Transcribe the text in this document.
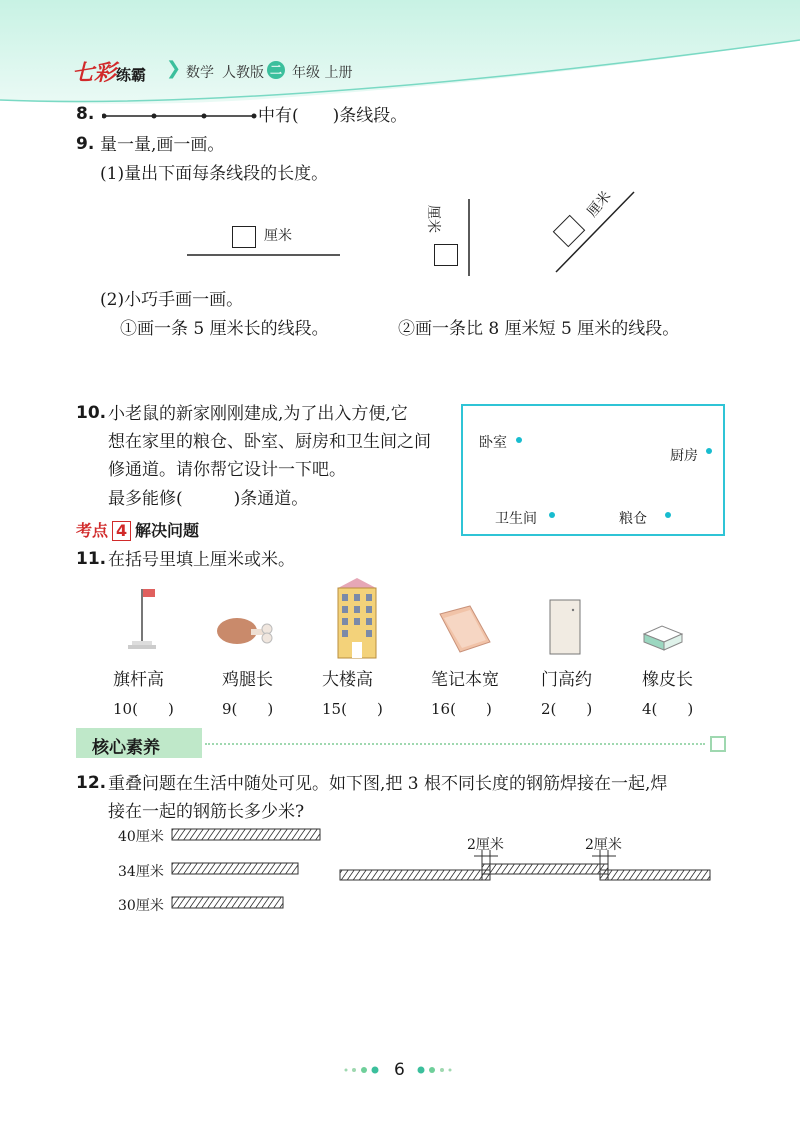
七彩练霸 ❯ 数学 人教版 二 年级 上册
8.	中有(　　)条线段。
9. 量一量,画一画。
(1)量出下面每条线段的长度。
厘米
厘米	厘米
(2)小巧手画一画。
①画一条 5 厘米长的线段。	②画一条比 8 厘米短 5 厘米的线段。
10. 小老鼠的新家刚刚建成,为了出入方便,它
想在家里的粮仓、卧室、厨房和卫生间之间
修通道。请你帮它设计一下吧。
最多能修(　　　)条通道。
卧室
厨房
卫生间	粮仓
考点 4 解决问题
11. 在括号里填上厘米或米。
旗杆高
10(　　)
鸡腿长
9(　　)
大楼高
15(　　)
笔记本宽
16(　　)
门高约
2(　　)
橡皮长
4(　　)
核心素养
12. 重叠问题在生活中随处可见。如下图,把 3 根不同长度的钢筋焊接在一起,焊
接在一起的钢筋长多少米?
40厘米
34厘米
30厘米
2厘米	2厘米
6
